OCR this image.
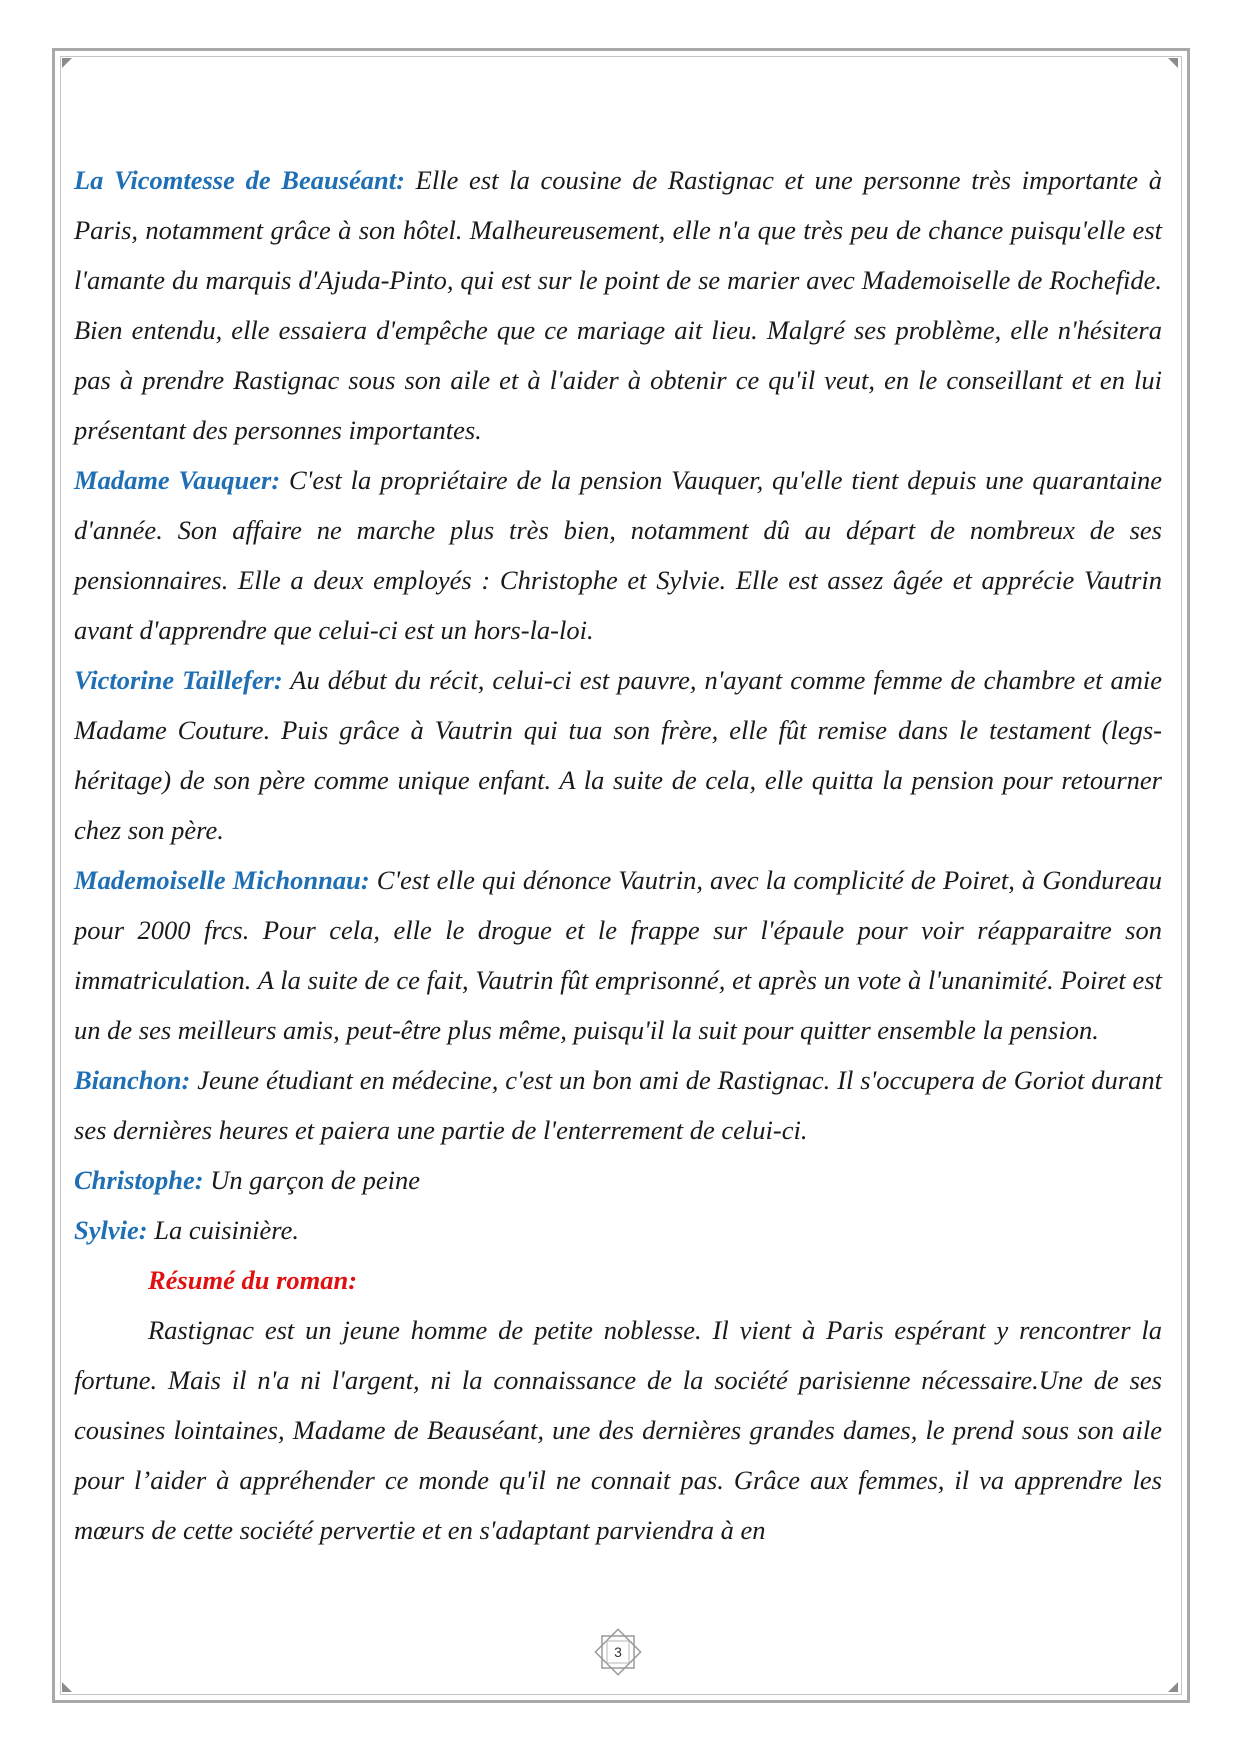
La Vicomtesse de Beauséant: Elle est la cousine de Rastignac et une personne très importante à Paris, notamment grâce à son hôtel. Malheureusement, elle n'a que très peu de chance puisqu'elle est l'amante du marquis d'Ajuda-Pinto, qui est sur le point de se marier avec Mademoiselle de Rochefide. Bien entendu, elle essaiera d'empêche que ce mariage ait lieu. Malgré ses problème, elle n'hésitera pas à prendre Rastignac sous son aile et à l'aider à obtenir ce qu'il veut, en le conseillant et en lui présentant des personnes importantes.

Madame Vauquer: C'est la propriétaire de la pension Vauquer, qu'elle tient depuis une quarantaine d'année. Son affaire ne marche plus très bien, notamment dû au départ de nombreux de ses pensionnaires. Elle a deux employés : Christophe et Sylvie. Elle est assez âgée et apprécie Vautrin avant d'apprendre que celui-ci est un hors-la-loi.

Victorine Taillefer: Au début du récit, celui-ci est pauvre, n'ayant comme femme de chambre et amie Madame Couture. Puis grâce à Vautrin qui tua son frère, elle fût remise dans le testament (legs-héritage) de son père comme unique enfant. A la suite de cela, elle quitta la pension pour retourner chez son père.

Mademoiselle Michonnau: C'est elle qui dénonce Vautrin, avec la complicité de Poiret, à Gondureau pour 2000 frcs. Pour cela, elle le drogue et le frappe sur l'épaule pour voir réapparaitre son immatriculation. A la suite de ce fait, Vautrin fût emprisonné, et après un vote à l'unanimité. Poiret est un de ses meilleurs amis, peut-être plus même, puisqu'il la suit pour quitter ensemble la pension.

Bianchon: Jeune étudiant en médecine, c'est un bon ami de Rastignac. Il s'occupera de Goriot durant ses dernières heures et paiera une partie de l'enterrement de celui-ci.

Christophe: Un garçon de peine

Sylvie: La cuisinière.

Résumé du roman:

Rastignac est un jeune homme de petite noblesse. Il vient à Paris espérant y rencontrer la fortune. Mais il n'a ni l'argent, ni la connaissance de la société parisienne nécessaire.Une de ses cousines lointaines, Madame de Beauséant, une des dernières grandes dames, le prend sous son aile pour l’aider à appréhender ce monde qu'il ne connait pas. Grâce aux femmes, il va apprendre les mœurs de cette société pervertie et en s'adaptant parviendra à en

3
